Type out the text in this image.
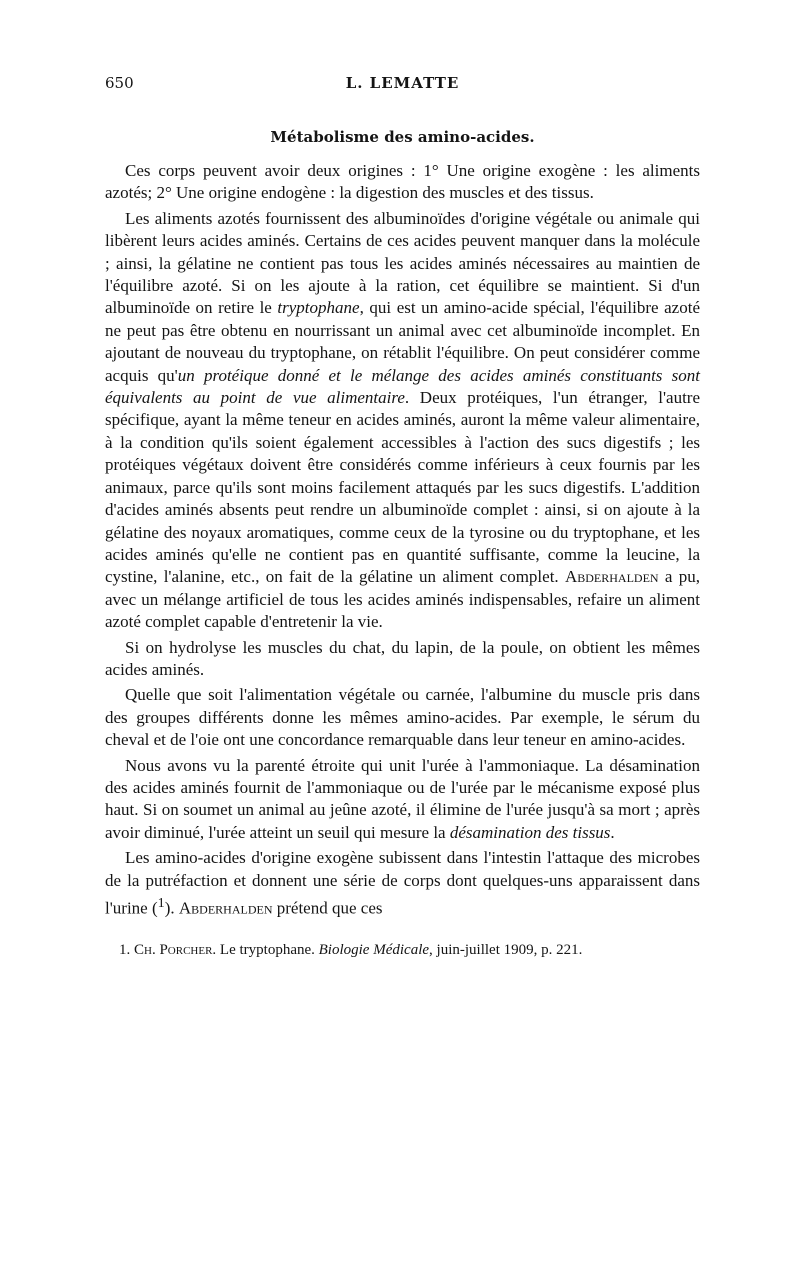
650	L. LEMATTE
Métabolisme des amino-acides.

Ces corps peuvent avoir deux origines : 1° Une origine exogène : les aliments azotés; 2° Une origine endogène : la digestion des muscles et des tissus.

Les aliments azotés fournissent des albuminoïdes d'origine végétale ou animale qui libèrent leurs acides aminés. Certains de ces acides peuvent manquer dans la molécule ; ainsi, la gélatine ne contient pas tous les acides aminés nécessaires au maintien de l'équilibre azoté. Si on les ajoute à la ration, cet équilibre se maintient. Si d'un albuminoïde on retire le tryptophane, qui est un amino-acide spécial, l'équilibre azoté ne peut pas être obtenu en nourrissant un animal avec cet albuminoïde incomplet. En ajoutant de nouveau du tryptophane, on rétablit l'équilibre. On peut considérer comme acquis qu'un protéique donné et le mélange des acides aminés constituants sont équivalents au point de vue alimentaire. Deux protéiques, l'un étranger, l'autre spécifique, ayant la même teneur en acides aminés, auront la même valeur alimentaire, à la condition qu'ils soient également accessibles à l'action des sucs digestifs ; les protéiques végétaux doivent être considérés comme inférieurs à ceux fournis par les animaux, parce qu'ils sont moins facilement attaqués par les sucs digestifs. L'addition d'acides aminés absents peut rendre un albuminoïde complet : ainsi, si on ajoute à la gélatine des noyaux aromatiques, comme ceux de la tyrosine ou du tryptophane, et les acides aminés qu'elle ne contient pas en quantité suffisante, comme la leucine, la cystine, l'alanine, etc., on fait de la gélatine un aliment complet. Abderhalden a pu, avec un mélange artificiel de tous les acides aminés indispensables, refaire un aliment azoté complet capable d'entretenir la vie.

Si on hydrolyse les muscles du chat, du lapin, de la poule, on obtient les mêmes acides aminés.

Quelle que soit l'alimentation végétale ou carnée, l'albumine du muscle pris dans des groupes différents donne les mêmes amino-acides. Par exemple, le sérum du cheval et de l'oie ont une concordance remarquable dans leur teneur en amino-acides.

Nous avons vu la parenté étroite qui unit l'urée à l'ammoniaque. La désamination des acides aminés fournit de l'ammoniaque ou de l'urée par le mécanisme exposé plus haut. Si on soumet un animal au jeûne azoté, il élimine de l'urée jusqu'à sa mort ; après avoir diminué, l'urée atteint un seuil qui mesure la désamination des tissus.

Les amino-acides d'origine exogène subissent dans l'intestin l'attaque des microbes de la putréfaction et donnent une série de corps dont quelques-uns apparaissent dans l'urine ($^1$). Abderhalden prétend que ces

1. Ch. Porcher. Le tryptophane. Biologie Médicale, juin-juillet 1909, p. 221.
